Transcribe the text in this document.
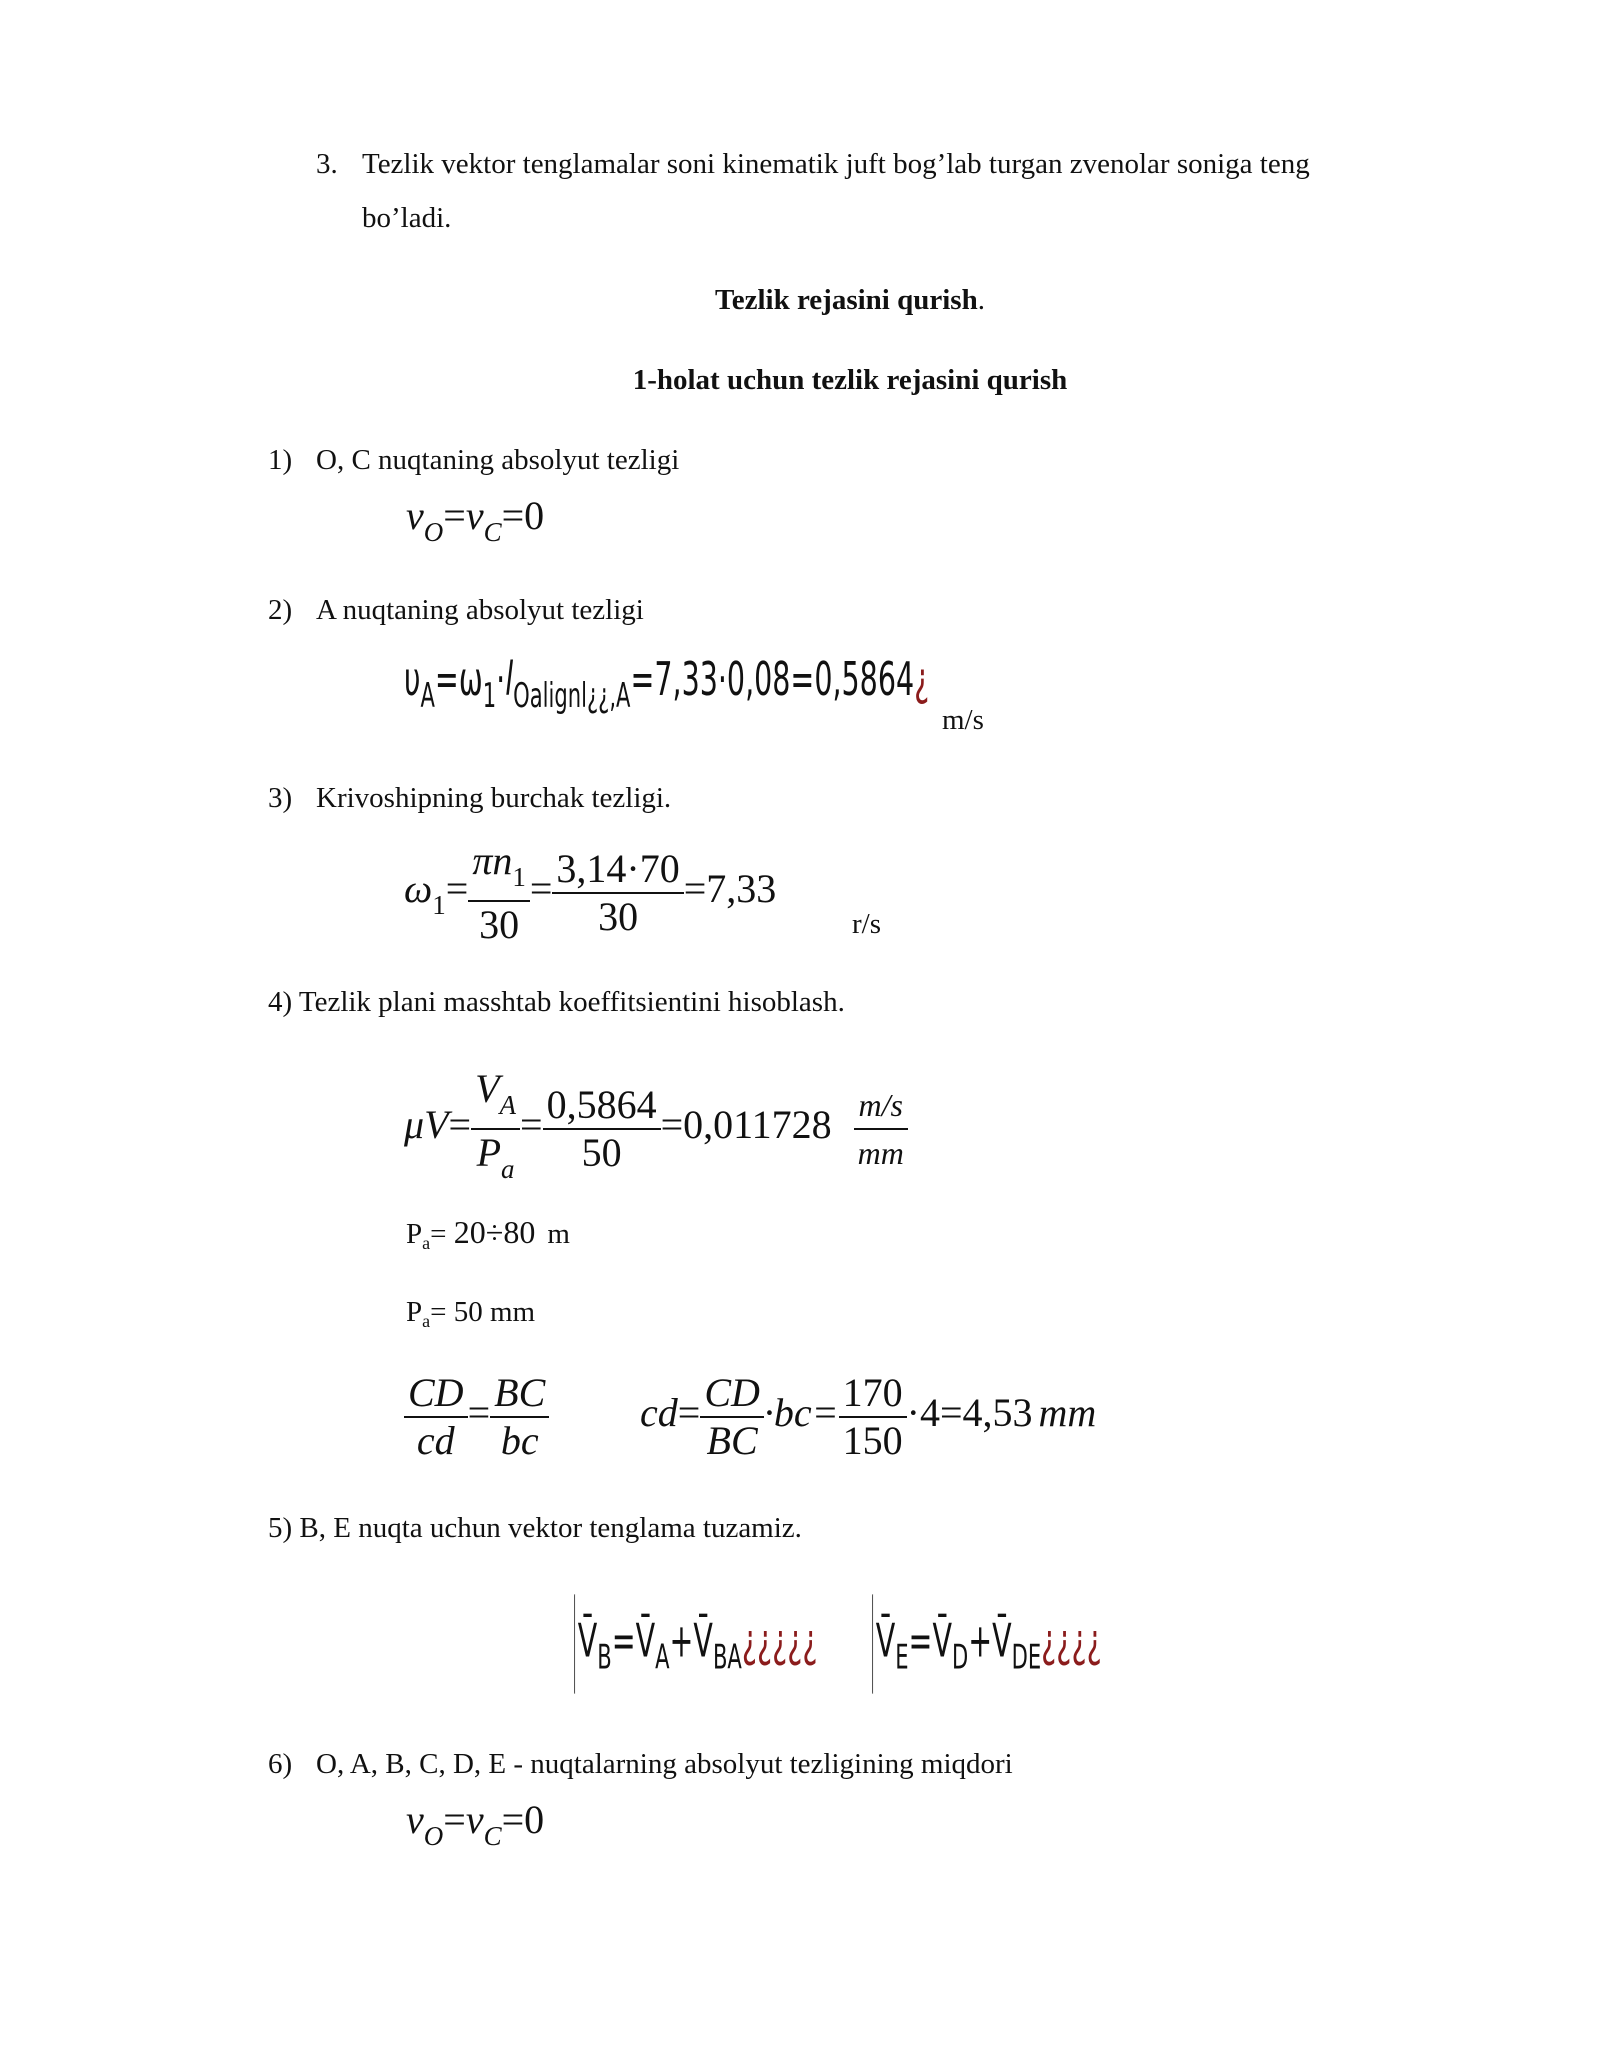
3. Tezlik vektor tenglamalar soni kinematik juft bog’lab turgan zvenolar soniga teng
bo’ladi.
Tezlik rejasini qurish.
1-holat uchun tezlik rejasini qurish
1) O, C nuqtaning absolyut tezligi
$v_O=v_C=0$
2) A nuqtaning absolyut tezligi
$\upsilon_A=\omega_1\cdot l_{Oalignl¿¿,A}=7,33\cdot 0,08=0,5864¿$
m/s
3) Krivoshipning burchak tezligi.
$\omega_1= \frac{\pi n_1}{30} = \frac{3,14\cdot 70}{30} =7,33$
r/s
4) Tezlik plani masshtab koeffitsientini hisoblash.
$\mu V= \frac{V_A}{P_a} = \frac{0,5864}{50} =0,011728 \frac{m/s}{mm}$
$P_a= 20\div 80$ m
$P_a= 50$ mm
$\frac{CD}{cd} = \frac{BC}{bc} cd= \frac{CD}{BC} \cdot bc= \frac{170}{150} \cdot 4=4,53$ mm
5) B, E nuqta uchun vektor tenglama tuzamiz.
$V̄_B=V̄_A+V̄_{BA}¿¿¿¿¿$ $V̄_E=V̄_D+V̄_{DE}¿¿¿¿$
6) O, A, B, C, D, E - nuqtalarning absolyut tezligining miqdori
$v_O=v_C=0$
